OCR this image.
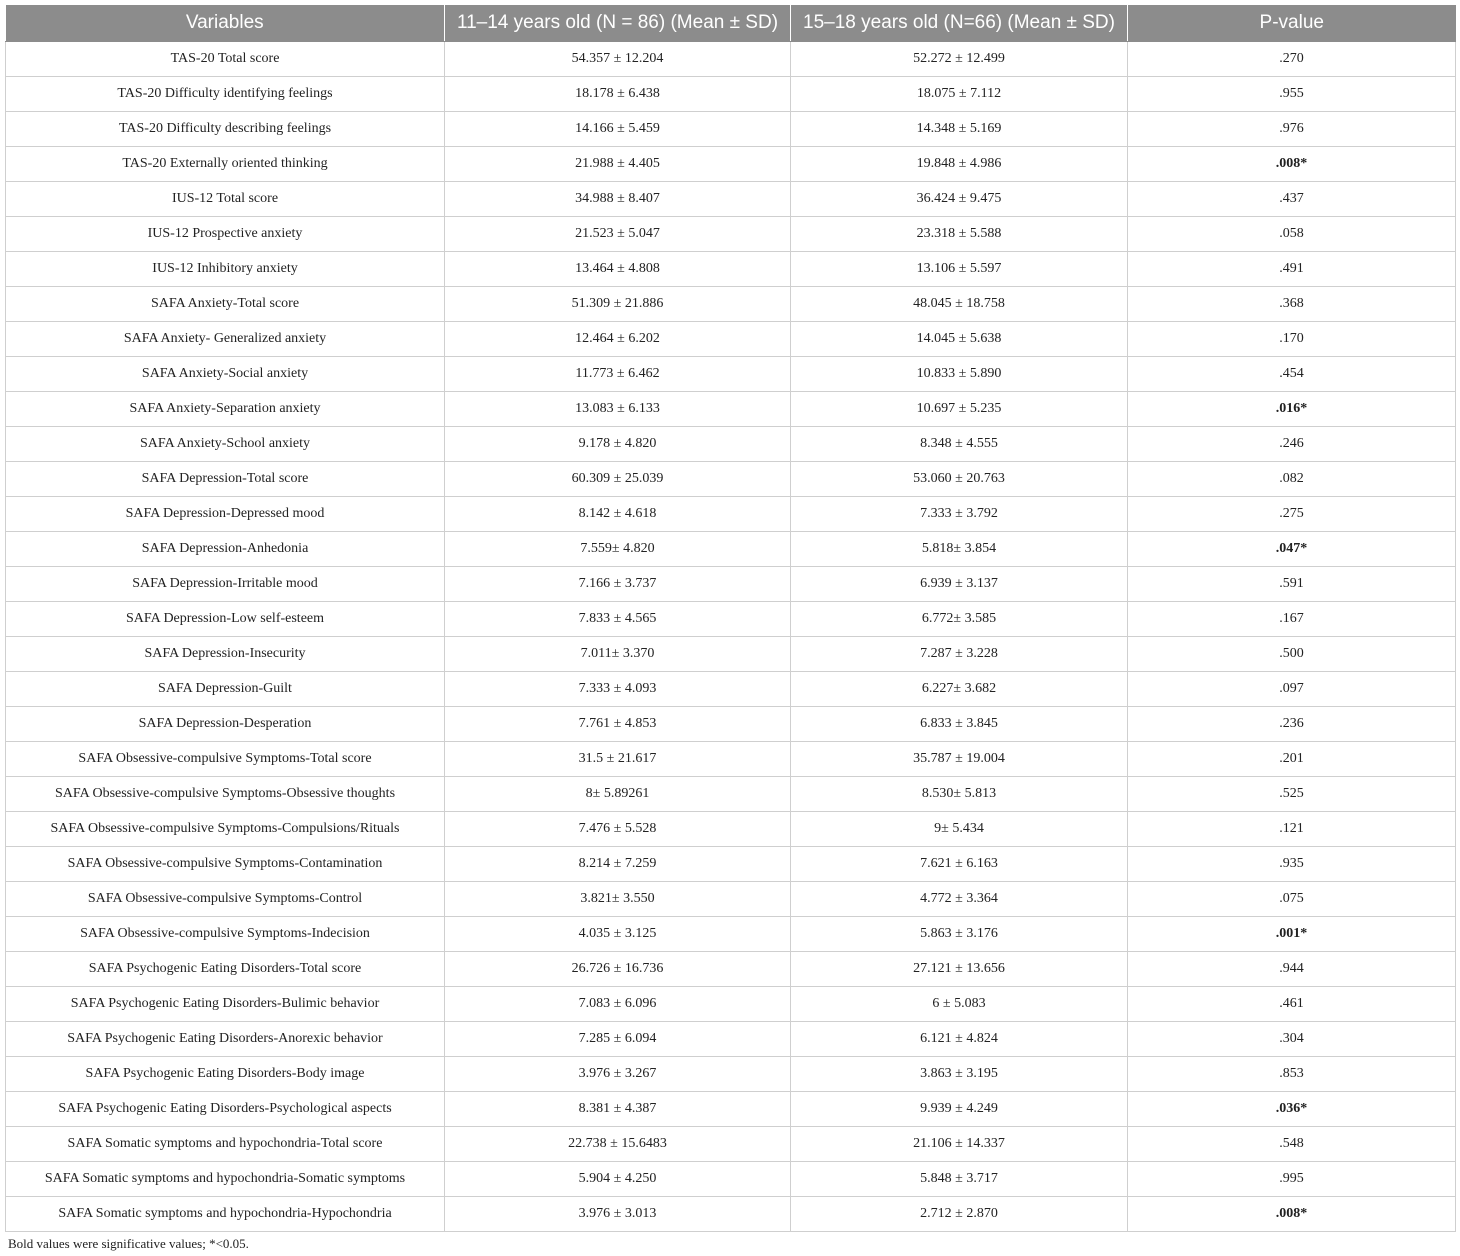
Variables	11–14 years old (N = 86) (Mean ± SD)	15–18 years old (N=66) (Mean ± SD)	P-value
TAS-20 Total score	54.357 ± 12.204	52.272 ± 12.499	.270
TAS-20 Difficulty identifying feelings	18.178 ± 6.438	18.075 ± 7.112	.955
TAS-20 Difficulty describing feelings	14.166 ± 5.459	14.348 ± 5.169	.976
TAS-20 Externally oriented thinking	21.988 ± 4.405	19.848 ± 4.986	.008*
IUS-12 Total score	34.988 ± 8.407	36.424 ± 9.475	.437
IUS-12 Prospective anxiety	21.523 ± 5.047	23.318 ± 5.588	.058
IUS-12 Inhibitory anxiety	13.464 ± 4.808	13.106 ± 5.597	.491
SAFA Anxiety-Total score	51.309 ± 21.886	48.045 ± 18.758	.368
SAFA Anxiety- Generalized anxiety	12.464 ± 6.202	14.045 ± 5.638	.170
SAFA Anxiety-Social anxiety	11.773 ± 6.462	10.833 ± 5.890	.454
SAFA Anxiety-Separation anxiety	13.083 ± 6.133	10.697 ± 5.235	.016*
SAFA Anxiety-School anxiety	9.178 ± 4.820	8.348 ± 4.555	.246
SAFA Depression-Total score	60.309 ± 25.039	53.060 ± 20.763	.082
SAFA Depression-Depressed mood	8.142 ± 4.618	7.333 ± 3.792	.275
SAFA Depression-Anhedonia	7.559± 4.820	5.818± 3.854	.047*
SAFA Depression-Irritable mood	7.166 ± 3.737	6.939 ± 3.137	.591
SAFA Depression-Low self-esteem	7.833 ± 4.565	6.772± 3.585	.167
SAFA Depression-Insecurity	7.011± 3.370	7.287 ± 3.228	.500
SAFA Depression-Guilt	7.333 ± 4.093	6.227± 3.682	.097
SAFA Depression-Desperation	7.761 ± 4.853	6.833 ± 3.845	.236
SAFA Obsessive-compulsive Symptoms-Total score	31.5 ± 21.617	35.787 ± 19.004	.201
SAFA Obsessive-compulsive Symptoms-Obsessive thoughts	8± 5.89261	8.530± 5.813	.525
SAFA Obsessive-compulsive Symptoms-Compulsions/Rituals	7.476 ± 5.528	9± 5.434	.121
SAFA Obsessive-compulsive Symptoms-Contamination	8.214 ± 7.259	7.621 ± 6.163	.935
SAFA Obsessive-compulsive Symptoms-Control	3.821± 3.550	4.772 ± 3.364	.075
SAFA Obsessive-compulsive Symptoms-Indecision	4.035 ± 3.125	5.863 ± 3.176	.001*
SAFA Psychogenic Eating Disorders-Total score	26.726 ± 16.736	27.121 ± 13.656	.944
SAFA Psychogenic Eating Disorders-Bulimic behavior	7.083 ± 6.096	6 ± 5.083	.461
SAFA Psychogenic Eating Disorders-Anorexic behavior	7.285 ± 6.094	6.121 ± 4.824	.304
SAFA Psychogenic Eating Disorders-Body image	3.976 ± 3.267	3.863 ± 3.195	.853
SAFA Psychogenic Eating Disorders-Psychological aspects	8.381 ± 4.387	9.939 ± 4.249	.036*
SAFA Somatic symptoms and hypochondria-Total score	22.738 ± 15.6483	21.106 ± 14.337	.548
SAFA Somatic symptoms and hypochondria-Somatic symptoms	5.904 ± 4.250	5.848 ± 3.717	.995
SAFA Somatic symptoms and hypochondria-Hypochondria	3.976 ± 3.013	2.712 ± 2.870	.008*
Bold values were significative values; *<0.05.
